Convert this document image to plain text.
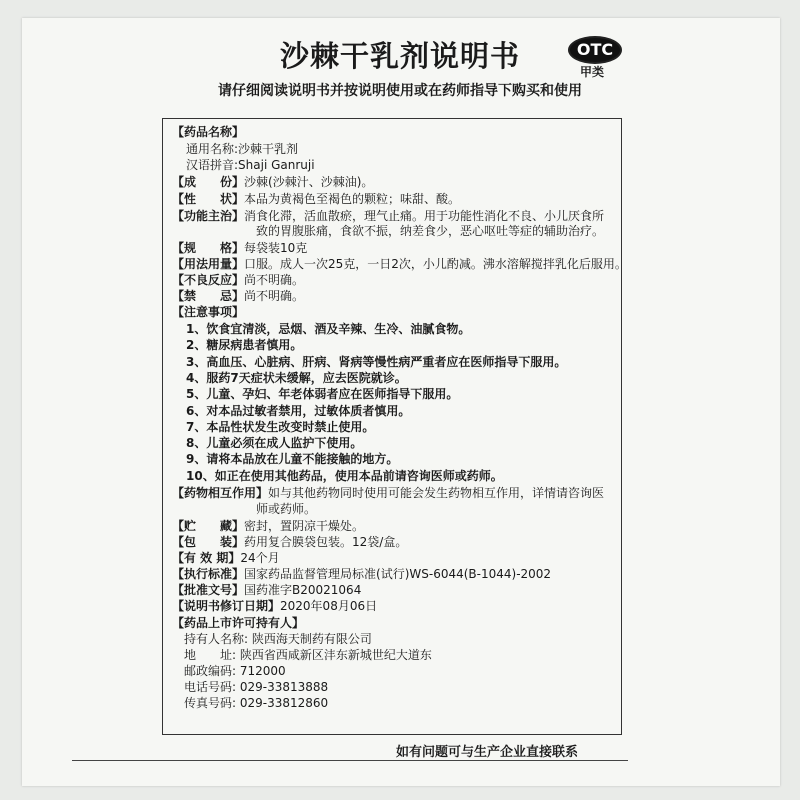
沙棘干乳剂说明书	OTC
甲类
请仔细阅读说明书并按说明使用或在药师指导下购买和使用
【药品名称】
通用名称:沙棘干乳剂
汉语拼音:Shaji Ganruji
【成　　份】沙棘(沙棘汁、沙棘油)。
【性　　状】本品为黄褐色至褐色的颗粒；味甜、酸。
【功能主治】消食化滞，活血散瘀，理气止痛。用于功能性消化不良、小儿厌食所
致的胃腹胀痛，食欲不振，纳差食少，恶心呕吐等症的辅助治疗。
【规　　格】每袋装10克
【用法用量】口服。成人一次25克，一日2次，小儿酌减。沸水溶解搅拌乳化后服用。
【不良反应】尚不明确。
【禁　　忌】尚不明确。
【注意事项】
1、饮食宜清淡，忌烟、酒及辛辣、生冷、油腻食物。
2、糖尿病患者慎用。
3、高血压、心脏病、肝病、肾病等慢性病严重者应在医师指导下服用。
4、服药7天症状未缓解，应去医院就诊。
5、儿童、孕妇、年老体弱者应在医师指导下服用。
6、对本品过敏者禁用，过敏体质者慎用。
7、本品性状发生改变时禁止使用。
8、儿童必须在成人监护下使用。
9、请将本品放在儿童不能接触的地方。
10、如正在使用其他药品，使用本品前请咨询医师或药师。
【药物相互作用】如与其他药物同时使用可能会发生药物相互作用，详情请咨询医
师或药师。
【贮　　藏】密封，置阴凉干燥处。
【包　　装】药用复合膜袋包装。12袋/盒。
【有 效 期】24个月
【执行标准】国家药品监督管理局标准(试行)WS-6044(B-1044)-2002
【批准文号】国药准字B20021064
【说明书修订日期】2020年08月06日
【药品上市许可持有人】
持有人名称: 陕西海天制药有限公司
地　　址: 陕西省西咸新区沣东新城世纪大道东
邮政编码: 712000
电话号码: 029-33813888
传真号码: 029-33812860
如有问题可与生产企业直接联系
